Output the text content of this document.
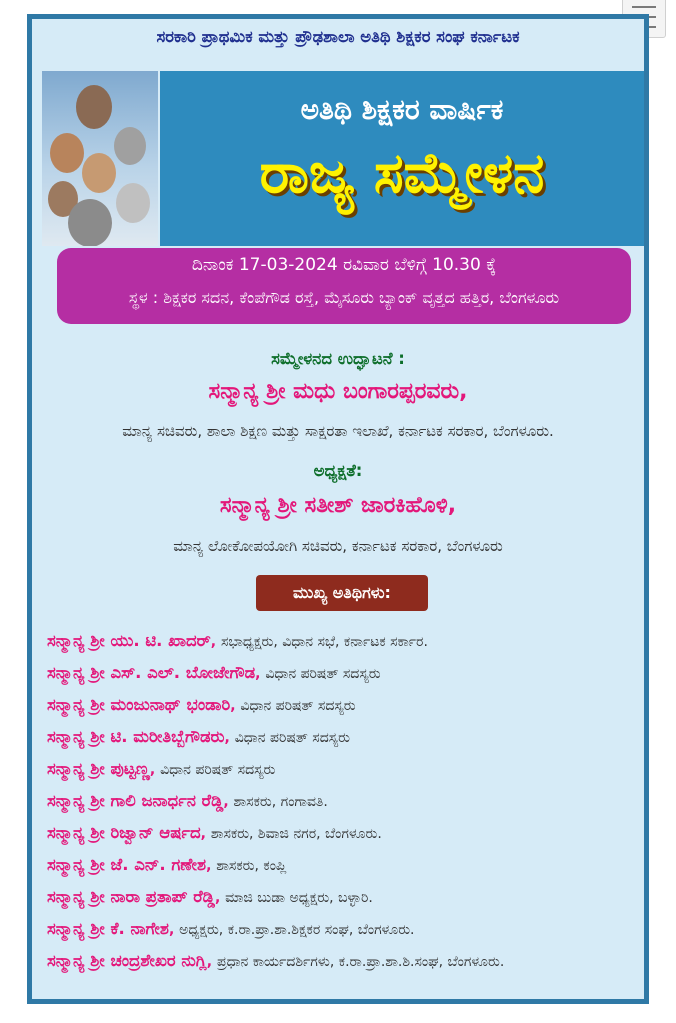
ಸರಕಾರಿ ಪ್ರಾಥಮಿಕ ಮತ್ತು ಪ್ರೌಢಶಾಲಾ ಅತಿಥಿ ಶಿಕ್ಷಕರ ಸಂಘ ಕರ್ನಾಟಕ
ಅತಿಥಿ ಶಿಕ್ಷಕರ ವಾರ್ಷಿಕ
ರಾಜ್ಯ ಸಮ್ಮೇಳನ
ದಿನಾಂಕ 17-03-2024 ರವಿವಾರ ಬೆಳಿಗ್ಗೆ 10.30 ಕ್ಕೆ
ಸ್ಥಳ : ಶಿಕ್ಷಕರ ಸದನ, ಕೆಂಪೆಗೌಡ ರಸ್ತೆ, ಮೈಸೂರು ಬ್ಯಾಂಕ್ ವೃತ್ತದ ಹತ್ತಿರ, ಬೆಂಗಳೂರು
ಸಮ್ಮೇಳನದ ಉದ್ಘಾಟನೆ :
ಸನ್ಮಾನ್ಯ ಶ್ರೀ ಮಧು ಬಂಗಾರಪ್ಪರವರು,
ಮಾನ್ಯ ಸಚಿವರು, ಶಾಲಾ ಶಿಕ್ಷಣ ಮತ್ತು ಸಾಕ್ಷರತಾ ಇಲಾಖೆ, ಕರ್ನಾಟಕ ಸರಕಾರ, ಬೆಂಗಳೂರು.
ಅಧ್ಯಕ್ಷತೆ:
ಸನ್ಮಾನ್ಯ ಶ್ರೀ ಸತೀಶ್ ಜಾರಕಿಹೊಳಿ,
ಮಾನ್ಯ ಲೋಕೋಪಯೋಗಿ ಸಚಿವರು, ಕರ್ನಾಟಕ ಸರಕಾರ, ಬೆಂಗಳೂರು
ಮುಖ್ಯ ಅತಿಥಿಗಳು:
ಸನ್ಮಾನ್ಯ ಶ್ರೀ ಯು. ಟಿ. ಖಾದರ್, ಸಭಾಧ್ಯಕ್ಷರು, ವಿಧಾನ ಸಭೆ, ಕರ್ನಾಟಕ ಸರ್ಕಾರ.
ಸನ್ಮಾನ್ಯ ಶ್ರೀ ಎಸ್. ಎಲ್. ಬೋಜೇಗೌಡ, ವಿಧಾನ ಪರಿಷತ್ ಸದಸ್ಯರು
ಸನ್ಮಾನ್ಯ ಶ್ರೀ ಮಂಜುನಾಥ್ ಭಂಡಾರಿ, ವಿಧಾನ ಪರಿಷತ್ ಸದಸ್ಯರು
ಸನ್ಮಾನ್ಯ ಶ್ರೀ ಟಿ. ಮರೀತಿಬ್ಬೆಗೌಡರು, ವಿಧಾನ ಪರಿಷತ್ ಸದಸ್ಯರು
ಸನ್ಮಾನ್ಯ ಶ್ರೀ ಪುಟ್ಟಣ್ಣ, ವಿಧಾನ ಪರಿಷತ್ ಸದಸ್ಯರು
ಸನ್ಮಾನ್ಯ ಶ್ರೀ ಗಾಲಿ ಜನಾರ್ಧನ ರೆಡ್ಡಿ, ಶಾಸಕರು, ಗಂಗಾವತಿ.
ಸನ್ಮಾನ್ಯ ಶ್ರೀ ರಿಜ್ವಾನ್ ಆರ್ಷದ, ಶಾಸಕರು, ಶಿವಾಜಿ ನಗರ, ಬೆಂಗಳೂರು.
ಸನ್ಮಾನ್ಯ ಶ್ರೀ ಜೆ. ಎನ್. ಗಣೇಶ, ಶಾಸಕರು, ಕಂಪ್ಲಿ
ಸನ್ಮಾನ್ಯ ಶ್ರೀ ನಾರಾ ಪ್ರತಾಪ್ ರೆಡ್ಡಿ, ಮಾಜಿ ಬುಡಾ ಅಧ್ಯಕ್ಷರು, ಬಳ್ಳಾರಿ.
ಸನ್ಮಾನ್ಯ ಶ್ರೀ ಕೆ. ನಾಗೇಶ, ಅಧ್ಯಕ್ಷರು, ಕ.ರಾ.ಪ್ರಾ.ಶಾ.ಶಿಕ್ಷಕರ ಸಂಘ, ಬೆಂಗಳೂರು.
ಸನ್ಮಾನ್ಯ ಶ್ರೀ ಚಂದ್ರಶೇಖರ ನುಗ್ಲಿ, ಪ್ರಧಾನ ಕಾರ್ಯದರ್ಶಿಗಳು, ಕ.ರಾ.ಪ್ರಾ.ಶಾ.ಶಿ.ಸಂಘ, ಬೆಂಗಳೂರು.
